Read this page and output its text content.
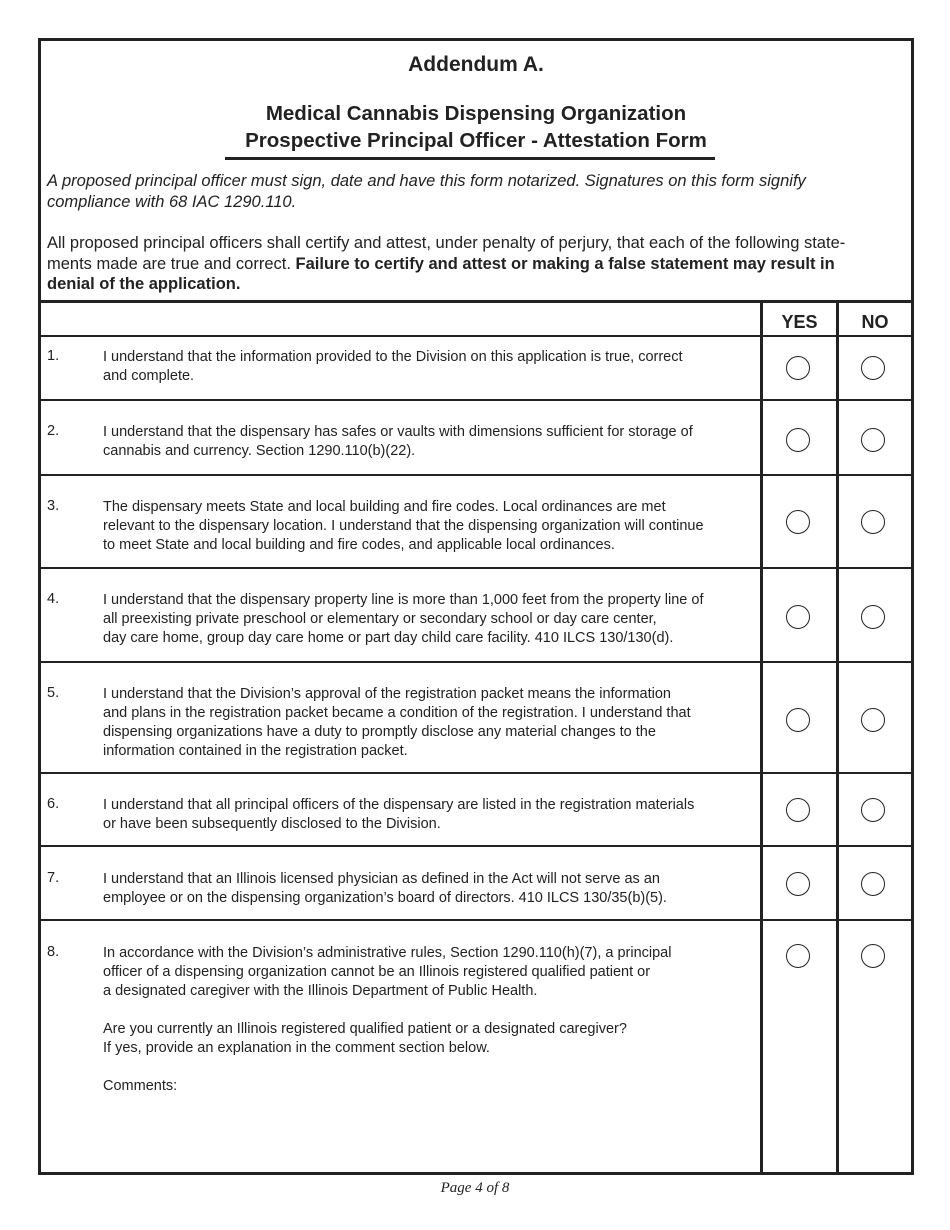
Addendum A.
Medical Cannabis Dispensing Organization
Prospective Principal Officer - Attestation Form

A proposed principal officer must sign, date and have this form notarized. Signatures on this form signify compliance with 68 IAC 1290.110.

All proposed principal officers shall certify and attest, under penalty of perjury, that each of the following state-ments made are true and correct. Failure to certify and attest or making a false statement may result in denial of the application.

YES	NO
1.	I understand that the information provided to the Division on this application is true, correct
and complete.
2.	I understand that the dispensary has safes or vaults with dimensions sufficient for storage of
cannabis and currency. Section 1290.110(b)(22).
3.	The dispensary meets State and local building and fire codes. Local ordinances are met
relevant to the dispensary location. I understand that the dispensing organization will continue
to meet State and local building and fire codes, and applicable local ordinances.
4.	I understand that the dispensary property line is more than 1,000 feet from the property line of
all preexisting private preschool or elementary or secondary school or day care center,
day care home, group day care home or part day child care facility. 410 ILCS 130/130(d).
5.	I understand that the Division’s approval of the registration packet means the information
and plans in the registration packet became a condition of the registration. I understand that
dispensing organizations have a duty to promptly disclose any material changes to the
information contained in the registration packet.
6.	I understand that all principal officers of the dispensary are listed in the registration materials
or have been subsequently disclosed to the Division.
7.	I understand that an Illinois licensed physician as defined in the Act will not serve as an
employee or on the dispensing organization’s board of directors. 410 ILCS 130/35(b)(5).
8.	In accordance with the Division’s administrative rules, Section 1290.110(h)(7), a principal
officer of a dispensing organization cannot be an Illinois registered qualified patient or
a designated caregiver with the Illinois Department of Public Health.

Are you currently an Illinois registered qualified patient or a designated caregiver?
If yes, provide an explanation in the comment section below.

Comments:
Page 4 of 8
